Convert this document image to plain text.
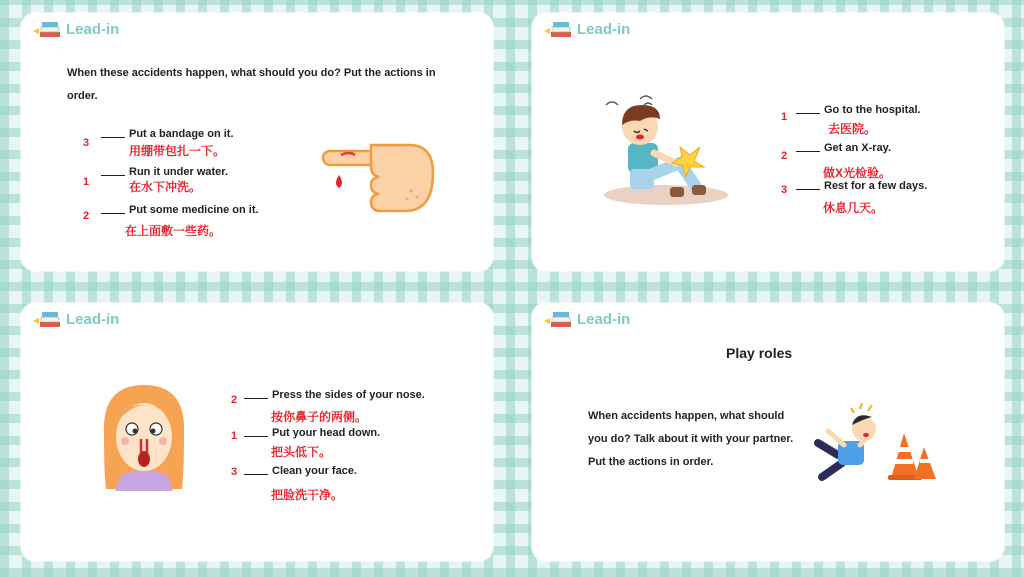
Lead-in
When these accidents happen, what should you do? Put the actions in order.
3
Put a bandage on it.
用绷带包扎一下。
1
Run it under water.
在水下冲洗。
2	Put some medicine on it.
在上面敷一些药。
Lead-in
1
Go to the hospital.
去医院。
2
Get an X-ray.
做X光检验。
3	Rest for a few days.
休息几天。
Lead-in
2	Press the sides of your nose.
按你鼻子的两侧。
1	Put your head down.
把头低下。
3	Clean your face.
把脸洗干净。
Lead-in
Play roles
When accidents happen, what should you do? Talk about it with your partner. Put the actions in order.
